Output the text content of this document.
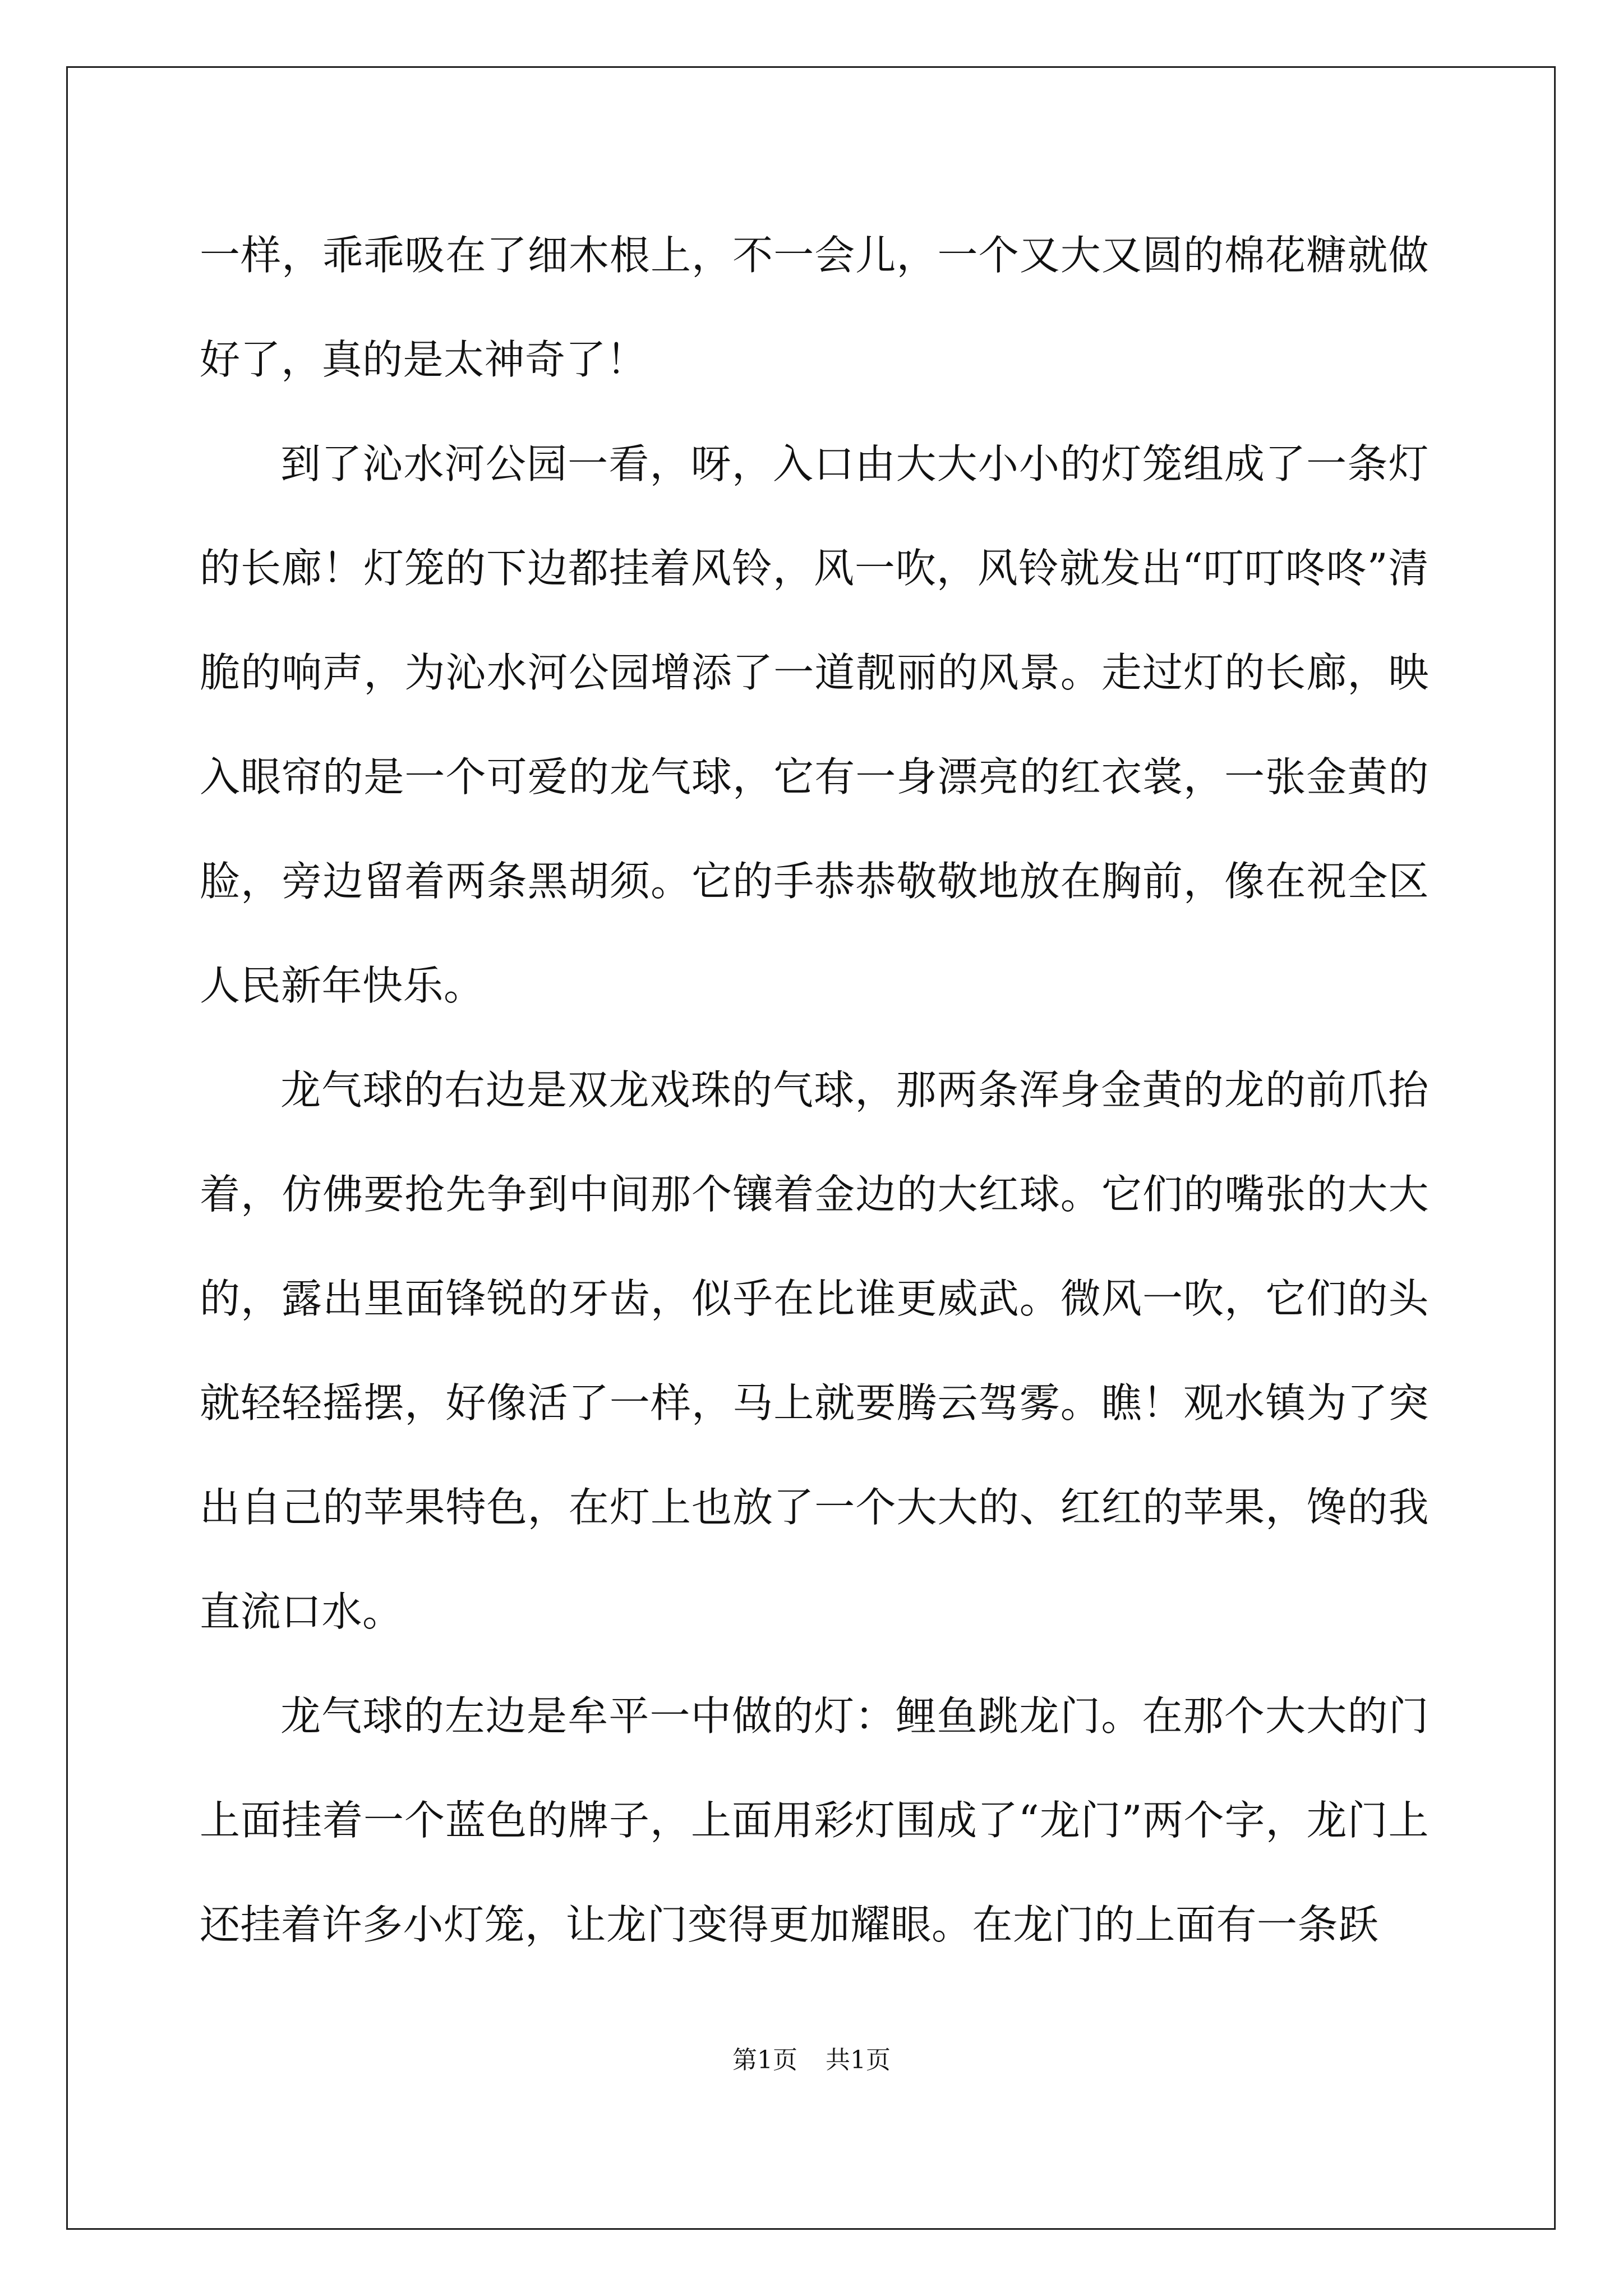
一样，乖乖吸在了细木根上，不一会儿，一个又大又圆的棉花糖就做好了，真的是太神奇了！

到了沁水河公园一看，呀，入口由大大小小的灯笼组成了一条灯的长廊！灯笼的下边都挂着风铃，风一吹，风铃就发出“叮叮咚咚”清脆的响声，为沁水河公园增添了一道靓丽的风景。走过灯的长廊，映入眼帘的是一个可爱的龙气球，它有一身漂亮的红衣裳，一张金黄的脸，旁边留着两条黑胡须。它的手恭恭敬敬地放在胸前，像在祝全区人民新年快乐。

龙气球的右边是双龙戏珠的气球，那两条浑身金黄的龙的前爪抬着，仿佛要抢先争到中间那个镶着金边的大红球。它们的嘴张的大大的，露出里面锋锐的牙齿，似乎在比谁更威武。微风一吹，它们的头就轻轻摇摆，好像活了一样，马上就要腾云驾雾。瞧！观水镇为了突出自己的苹果特色，在灯上也放了一个大大的、红红的苹果，馋的我直流口水。

龙气球的左边是牟平一中做的灯：鲤鱼跳龙门。在那个大大的门上面挂着一个蓝色的牌子，上面用彩灯围成了“龙门”两个字，龙门上还挂着许多小灯笼，让龙门变得更加耀眼。在龙门的上面有一条跃

第1页 共1页
